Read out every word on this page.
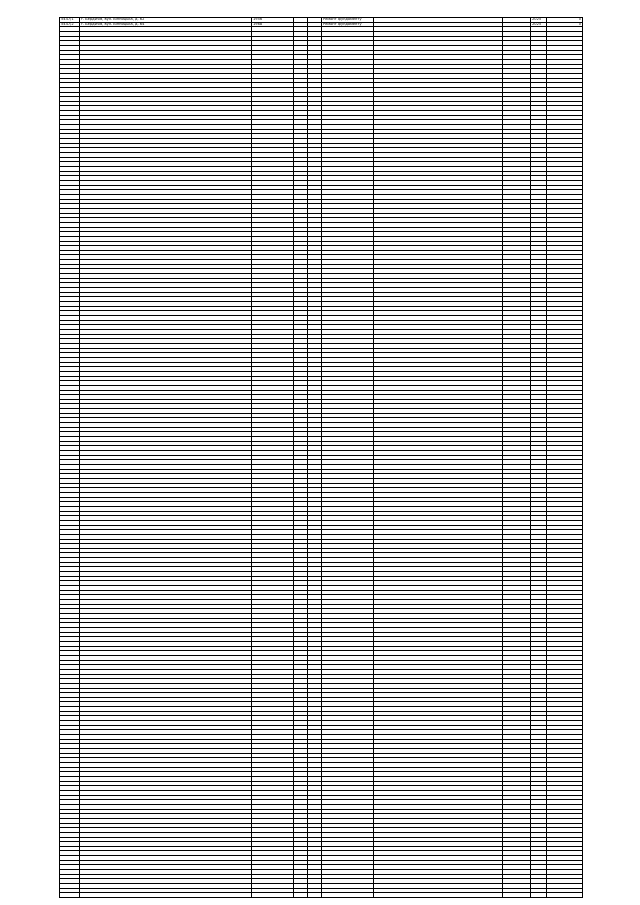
5447/1	г. Бердичів, вул. Вінницька, д. 62	1956	Ремонт фундаменту	2025	0
5447/2	г. Бердичів, вул. Вінницька, д. 64	1968	Ремонт фундаменту	2025	0
